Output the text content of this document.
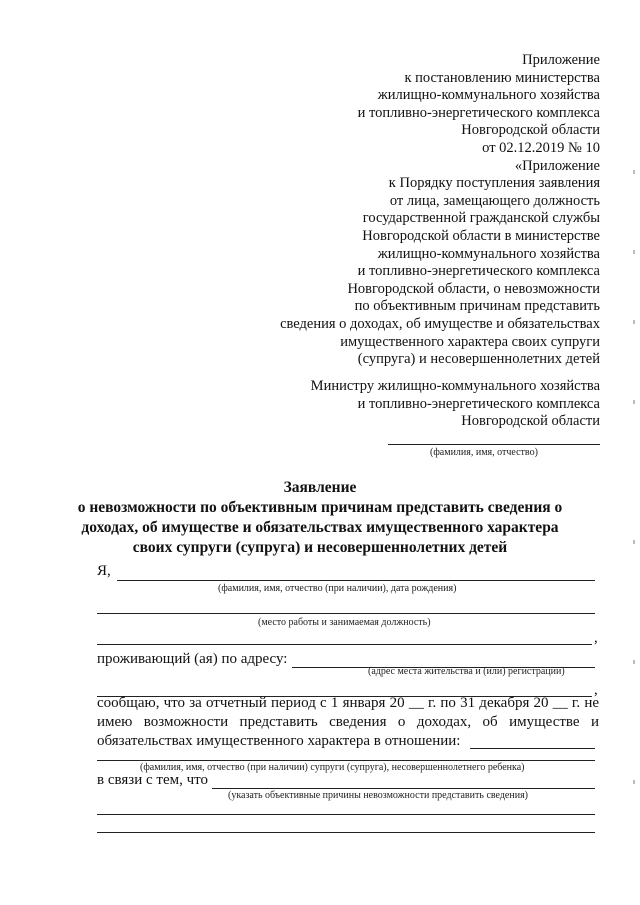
Приложение
к постановлению министерства
жилищно-коммунального хозяйства
и топливно-энергетического комплекса
Новгородской области
от 02.12.2019 № 10
«Приложение
к Порядку поступления заявления
от лица, замещающего должность
государственной гражданской службы
Новгородской области в министерстве
жилищно-коммунального хозяйства
и топливно-энергетического комплекса
Новгородской области, о невозможности
по объективным причинам представить
сведения о доходах, об имуществе и обязательствах
имущественного характера своих супруги
(супруга) и несовершеннолетних детей
Министру жилищно-коммунального хозяйства
и топливно-энергетического комплекса
Новгородской области
(фамилия, имя, отчество)
Заявление
о невозможности по объективным причинам представить сведения о
доходах, об имуществе и обязательствах имущественного характера
своих супруги (супруга) и несовершеннолетних детей
Я,
(фамилия, имя, отчество (при наличии), дата рождения)
(место работы и занимаемая должность)
,
проживающий (ая) по адресу:
(адрес места жительства и (или) регистрации)
,
сообщаю, что за отчетный период с 1 января 20 __ г. по 31 декабря 20 __ г. не
имею возможности представить сведения о доходах, об имуществе и
обязательствах имущественного характера в отношении:
(фамилия, имя, отчество (при наличии) супруги (супруга), несовершеннолетнего ребенка)
в связи с тем, что
(указать объективные причины невозможности представить сведения)
